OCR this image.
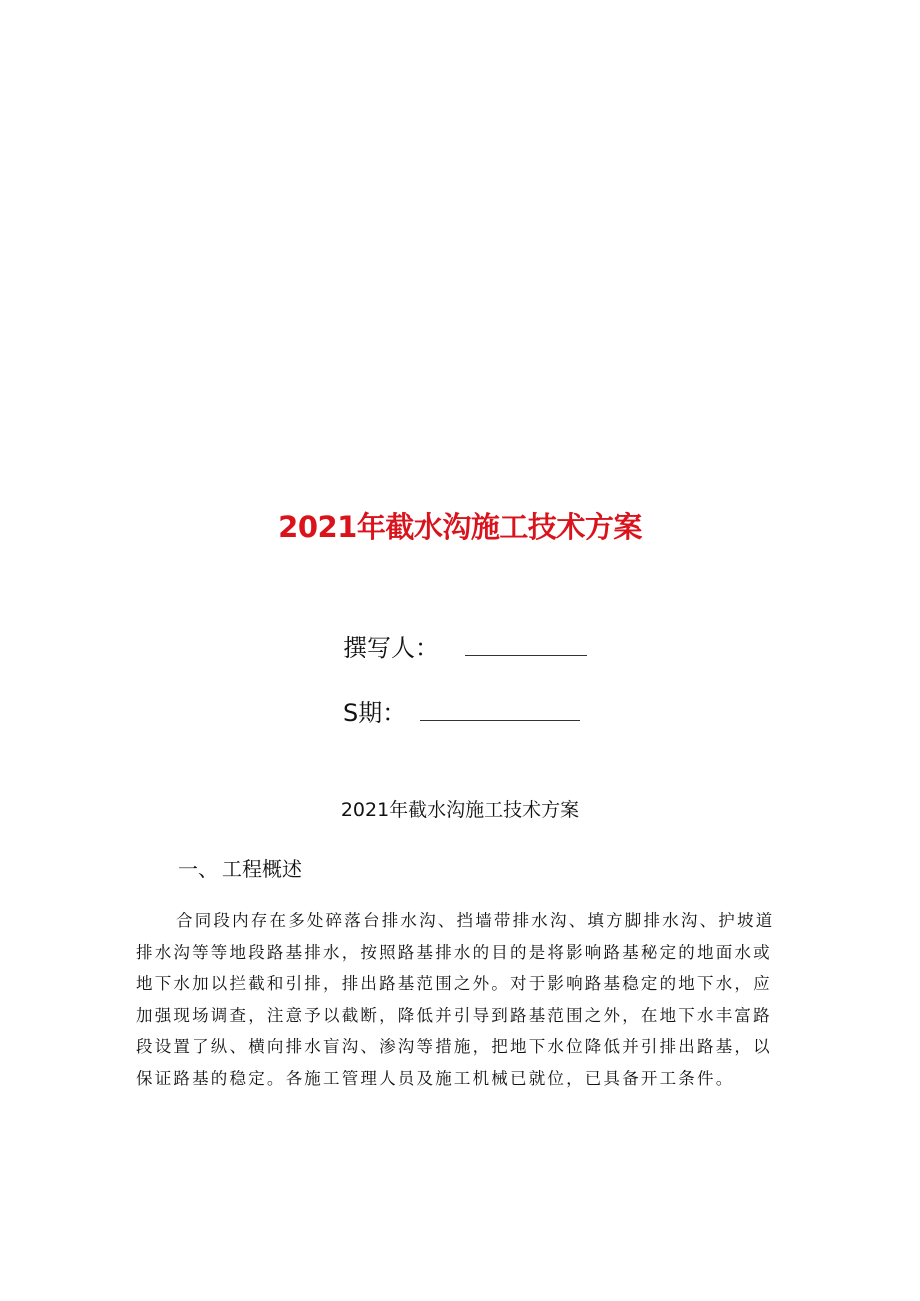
2021年截水沟施工技术方案
撰写人：
S期：
2021年截水沟施工技术方案
一、 工程概述

合同段内存在多处碎落台排水沟、挡墙带排水沟、填方脚排水沟、护坡道排水沟等等地段路基排水，按照路基排水的目的是将影响路基秘定的地面水或地下水加以拦截和引排，排出路基范围之外。对于影响路基稳定的地下水，应加强现场调查，注意予以截断，降低并引导到路基范围之外，在地下水丰富路段设置了纵、横向排水盲沟、渗沟等措施，把地下水位降低并引排出路基，以保证路基的稳定。各施工管理人员及施工机械已就位，已具备开工条件。
